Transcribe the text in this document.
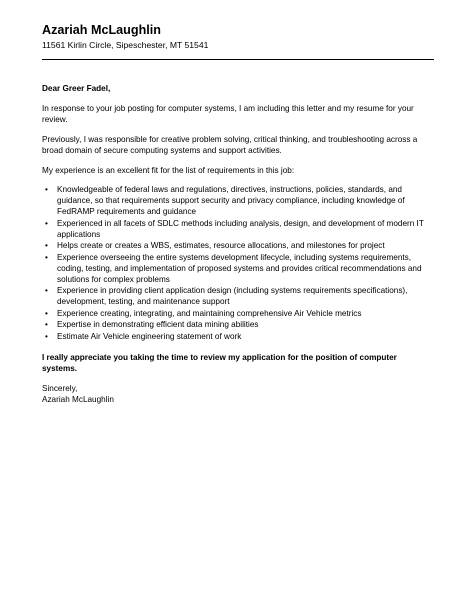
Azariah McLaughlin
11561 Kirlin Circle, Sipeschester, MT 51541
Dear Greer Fadel,
In response to your job posting for computer systems, I am including this letter and my resume for your review.
Previously, I was responsible for creative problem solving, critical thinking, and troubleshooting across a broad domain of secure computing systems and support activities.
My experience is an excellent fit for the list of requirements in this job:
• Knowledgeable of federal laws and regulations, directives, instructions, policies, standards, and guidance, so that requirements support security and privacy compliance, including knowledge of FedRAMP requirements and guidance
• Experienced in all facets of SDLC methods including analysis, design, and development of modern IT applications
• Helps create or creates a WBS, estimates, resource allocations, and milestones for project
• Experience overseeing the entire systems development lifecycle, including systems requirements, coding, testing, and implementation of proposed systems and provides critical recommendations and solutions for complex problems
• Experience in providing client application design (including systems requirements specifications), development, testing, and maintenance support
• Experience creating, integrating, and maintaining comprehensive Air Vehicle metrics
• Expertise in demonstrating efficient data mining abilities
• Estimate Air Vehicle engineering statement of work
I really appreciate you taking the time to review my application for the position of computer systems.
Sincerely,
Azariah McLaughlin
